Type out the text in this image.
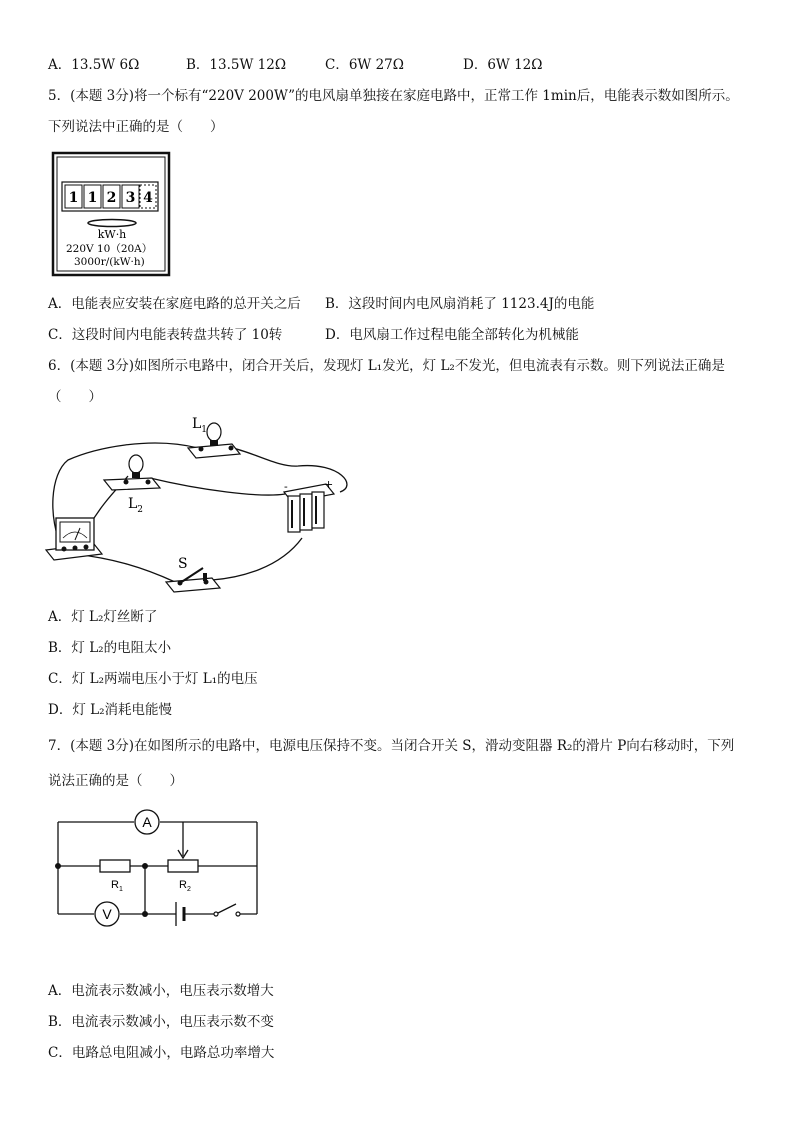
A．13.5W 6Ω	B．13.5W 12Ω	C．6W 27Ω	D．6W 12Ω
5．(本题 3分)将一个标有“220V 200W”的电风扇单独接在家庭电路中，正常工作 1min后，电能表示数如图所示。
下列说法中正确的是（　　）
1 1 2 3 4
kW·h
220V 10（20A）
3000r/(kW·h)
A．电能表应安装在家庭电路的总开关之后 B．这段时间内电风扇消耗了 1123.4J的电能
C．这段时间内电能表转盘共转了 10转	D．电风扇工作过程电能全部转化为机械能
6．(本题 3分)如图所示电路中，闭合开关后，发现灯 L₁发光，灯 L₂不发光，但电流表有示数。则下列说法正确是
（　　）
$L_1$
$L_2$
-	+
S
A．灯 L₂灯丝断了
B．灯 L₂的电阻太小
C．灯 L₂两端电压小于灯 L₁的电压
D．灯 L₂消耗电能慢
7．(本题 3分)在如图所示的电路中，电源电压保持不变。当闭合开关 S，滑动变阻器 R₂的滑片 P向右移动时，下列
说法正确的是（　　）
A
$R_1$	$R_2$
V
A．电流表示数减小，电压表示数增大
B．电流表示数减小，电压表示数不变
C．电路总电阻减小，电路总功率增大
